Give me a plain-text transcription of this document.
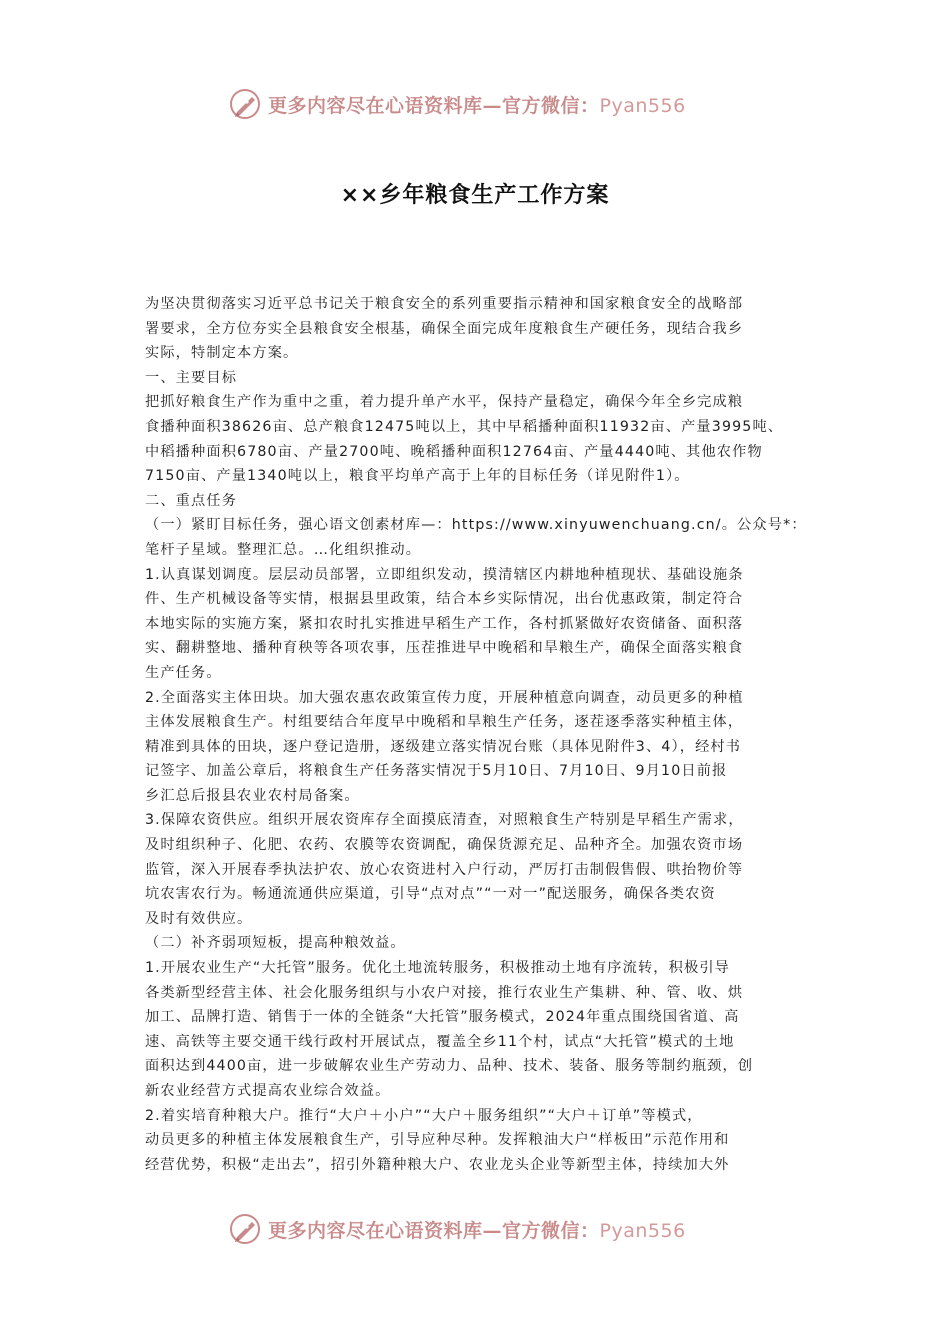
更多内容尽在心语资料库—官方微信：Pyan556
××乡年粮食生产工作方案

为坚决贯彻落实习近平总书记关于粮食安全的系列重要指示精神和国家粮食安全的战略部

署要求，全方位夯实全县粮食安全根基，确保全面完成年度粮食生产硬任务，现结合我乡

实际，特制定本方案。

一、主要目标

把抓好粮食生产作为重中之重，着力提升单产水平，保持产量稳定，确保今年全乡完成粮

食播种面积38626亩、总产粮食12475吨以上，其中早稻播种面积11932亩、产量3995吨、

中稻播种面积6780亩、产量2700吨、晚稻播种面积12764亩、产量4440吨、其他农作物

7150亩、产量1340吨以上，粮食平均单产高于上年的目标任务（详见附件1）。

二、重点任务

（一）紧盯目标任务，强心语文创素材库—：https://www.xinyuwenchuang.cn/。公众号*：

笔杆子星域。整理汇总。…化组织推动。

1.认真谋划调度。层层动员部署，立即组织发动，摸清辖区内耕地种植现状、基础设施条

件、生产机械设备等实情，根据县里政策，结合本乡实际情况，出台优惠政策，制定符合

本地实际的实施方案，紧扣农时扎实推进早稻生产工作，各村抓紧做好农资储备、面积落

实、翻耕整地、播种育秧等各项农事，压茬推进早中晚稻和旱粮生产，确保全面落实粮食

生产任务。

2.全面落实主体田块。加大强农惠农政策宣传力度，开展种植意向调查，动员更多的种植

主体发展粮食生产。村组要结合年度早中晚稻和旱粮生产任务，逐茬逐季落实种植主体，

精准到具体的田块，逐户登记造册，逐级建立落实情况台账（具体见附件3、4），经村书

记签字、加盖公章后，将粮食生产任务落实情况于5月10日、7月10日、9月10日前报

乡汇总后报县农业农村局备案。

3.保障农资供应。组织开展农资库存全面摸底清查，对照粮食生产特别是早稻生产需求，

及时组织种子、化肥、农药、农膜等农资调配，确保货源充足、品种齐全。加强农资市场

监管，深入开展春季执法护农、放心农资进村入户行动，严厉打击制假售假、哄抬物价等

坑农害农行为。畅通流通供应渠道，引导“点对点”“一对一”配送服务，确保各类农资

及时有效供应。

（二）补齐弱项短板，提高种粮效益。

1.开展农业生产“大托管”服务。优化土地流转服务，积极推动土地有序流转，积极引导

各类新型经营主体、社会化服务组织与小农户对接，推行农业生产集耕、种、管、收、烘

加工、品牌打造、销售于一体的全链条“大托管”服务模式，2024年重点围绕国省道、高

速、高铁等主要交通干线行政村开展试点，覆盖全乡11个村，试点“大托管”模式的土地

面积达到4400亩，进一步破解农业生产劳动力、品种、技术、装备、服务等制约瓶颈，创

新农业经营方式提高农业综合效益。

2.着实培育种粮大户。推行“大户＋小户”“大户＋服务组织”“大户＋订单”等模式，

动员更多的种植主体发展粮食生产，引导应种尽种。发挥粮油大户“样板田”示范作用和

经营优势，积极“走出去”，招引外籍种粮大户、农业龙头企业等新型主体，持续加大外

更多内容尽在心语资料库—官方微信：Pyan556
